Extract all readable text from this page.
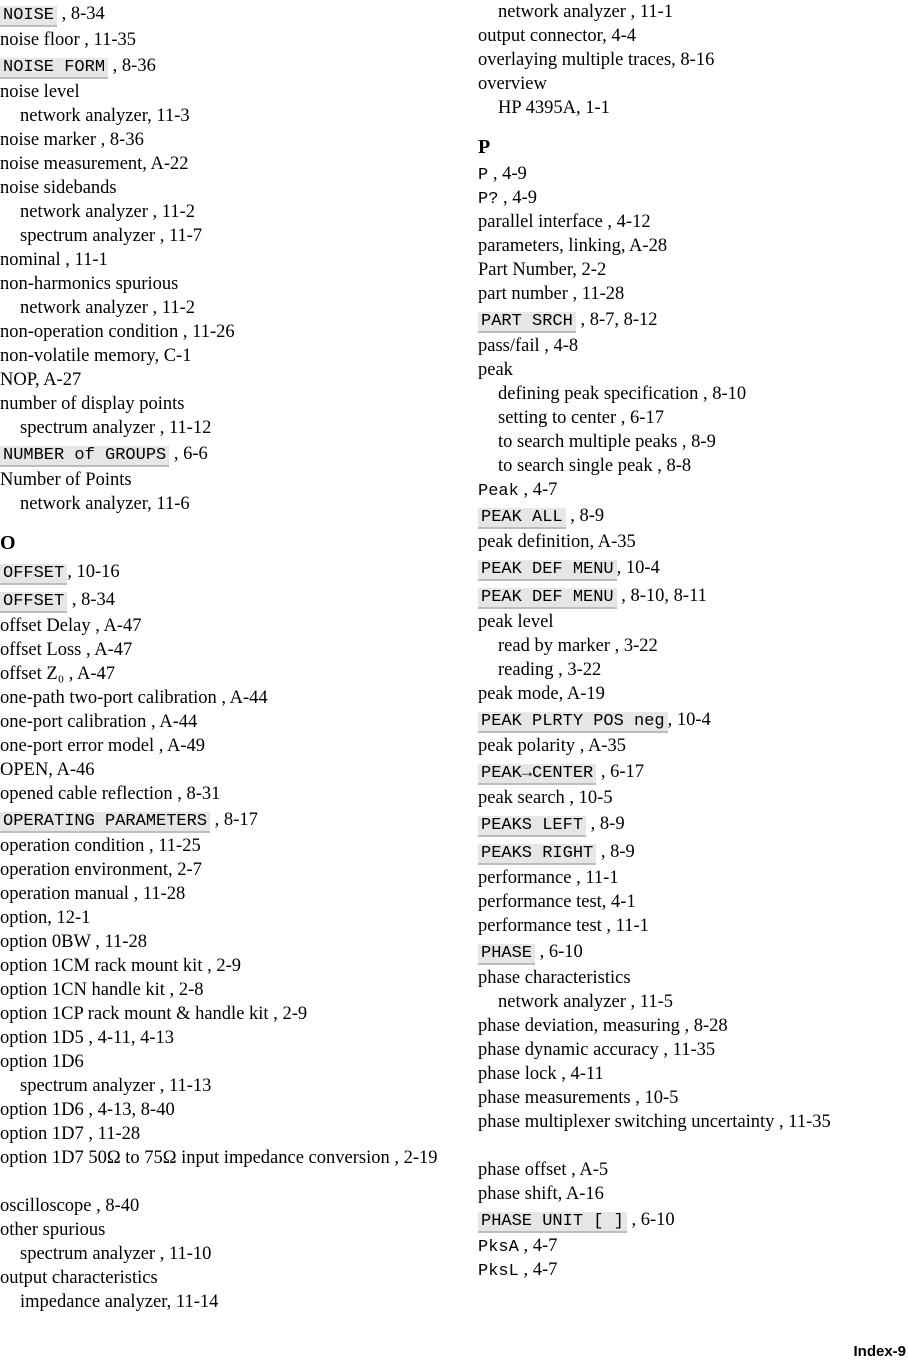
NOISE , 8-34
noise floor , 11-35
NOISE FORM , 8-36
noise level
network analyzer, 11-3
noise marker , 8-36
noise measurement, A-22
noise sidebands
network analyzer , 11-2
spectrum analyzer , 11-7
nominal , 11-1
non-harmonics spurious
network analyzer , 11-2
non-operation condition , 11-26
non-volatile memory, C-1
NOP, A-27
number of display points
spectrum analyzer , 11-12
NUMBER of GROUPS , 6-6
Number of Points
network analyzer, 11-6
O
OFFSET , 10-16
OFFSET , 8-34
offset Delay , A-47
offset Loss , A-47
offset Z₀ , A-47
one-path two-port calibration , A-44
one-port calibration , A-44
one-port error model , A-49
OPEN, A-46
opened cable reflection , 8-31
OPERATING PARAMETERS , 8-17
operation condition , 11-25
operation environment, 2-7
operation manual , 11-28
option, 12-1
option 0BW , 11-28
option 1CM rack mount kit , 2-9
option 1CN handle kit , 2-8
option 1CP rack mount & handle kit , 2-9
option 1D5 , 4-11, 4-13
option 1D6
spectrum analyzer , 11-13
option 1D6 , 4-13, 8-40
option 1D7 , 11-28
option 1D7 50Ω to 75Ω input impedance conversion , 2-19
oscilloscope , 8-40
other spurious
spectrum analyzer , 11-10
output characteristics
impedance analyzer, 11-14
network analyzer , 11-1
output connector, 4-4
overlaying multiple traces, 8-16
overview
HP 4395A, 1-1
P
P , 4-9
P? , 4-9
parallel interface , 4-12
parameters, linking, A-28
Part Number, 2-2
part number , 11-28
PART SRCH , 8-7, 8-12
pass/fail , 4-8
peak
defining peak specification , 8-10
setting to center , 6-17
to search multiple peaks , 8-9
to search single peak , 8-8
Peak , 4-7
PEAK ALL , 8-9
peak definition, A-35
PEAK DEF MENU , 10-4
PEAK DEF MENU , 8-10, 8-11
peak level
read by marker , 3-22
reading , 3-22
peak mode, A-19
PEAK PLRTY POS neg , 10-4
peak polarity , A-35
PEAK→CENTER , 6-17
peak search , 10-5
PEAKS LEFT , 8-9
PEAKS RIGHT , 8-9
performance , 11-1
performance test, 4-1
performance test , 11-1
PHASE , 6-10
phase characteristics
network analyzer , 11-5
phase deviation, measuring , 8-28
phase dynamic accuracy , 11-35
phase lock , 4-11
phase measurements , 10-5
phase multiplexer switching uncertainty , 11-35
phase offset , A-5
phase shift, A-16
PHASE UNIT [ ] , 6-10
PksA , 4-7
PksL , 4-7
Index-9
